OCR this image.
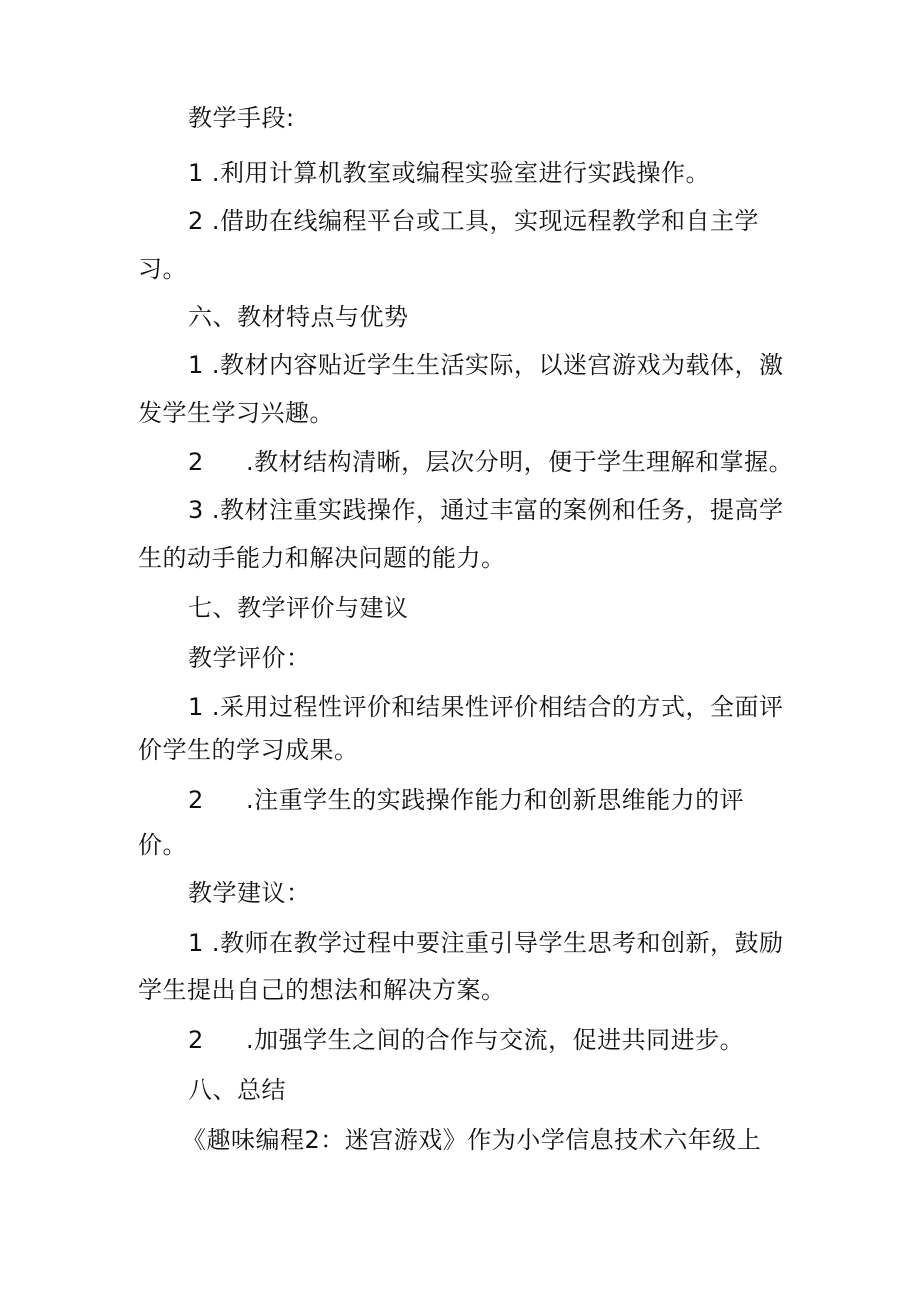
教学手段:
1 .利用计算机教室或编程实验室进行实践操作。
2 .借助在线编程平台或工具，实现远程教学和自主学
习。
六、教材特点与优势
1 .教材内容贴近学生生活实际，以迷宫游戏为载体，激
发学生学习兴趣。
2 .教材结构清晰，层次分明，便于学生理解和掌握。
3 .教材注重实践操作，通过丰富的案例和任务，提高学
生的动手能力和解决问题的能力。
七、教学评价与建议
教学评价：
1 .采用过程性评价和结果性评价相结合的方式，全面评
价学生的学习成果。
2 .注重学生的实践操作能力和创新思维能力的评
价。
教学建议：
1 .教师在教学过程中要注重引导学生思考和创新，鼓励
学生提出自己的想法和解决方案。
2 .加强学生之间的合作与交流，促进共同进步。
八、总结
《趣味编程2：迷宫游戏》作为小学信息技术六年级上
